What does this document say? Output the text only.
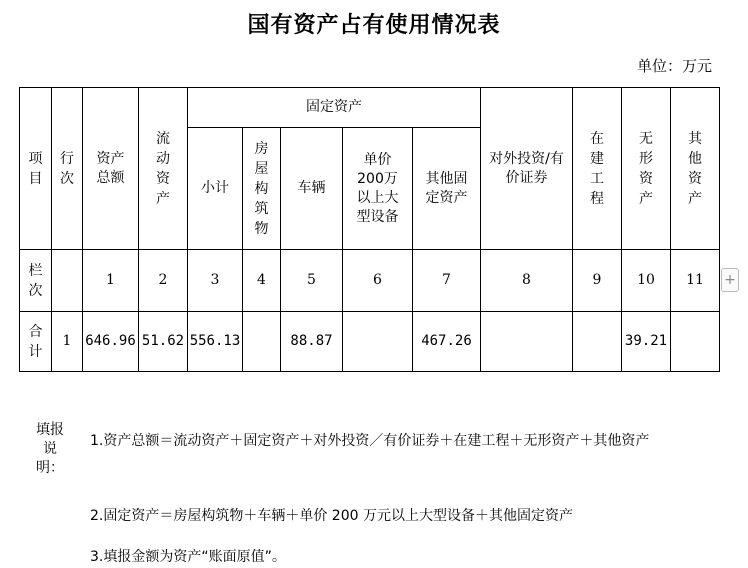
国有资产占有使用情况表
单位：万元
项目	行次	资产总额	流动资产	固定资产					对外投资/有价证券	在建工程	无形资产	其他资产
				小计	房屋构筑物	车辆	单价200万以上大型设备	其他固定资产				
栏次		1	2	3	4	5	6	7	8	9	10	11
合计	1	646.96	51.62	556.13		88.87		467.26			39.21	
+
填报说明：
1.资产总额＝流动资产＋固定资产＋对外投资／有价证券＋在建工程＋无形资产＋其他资产
2.固定资产＝房屋构筑物＋车辆＋单价 200 万元以上大型设备＋其他固定资产
3.填报金额为资产“账面原值”。
